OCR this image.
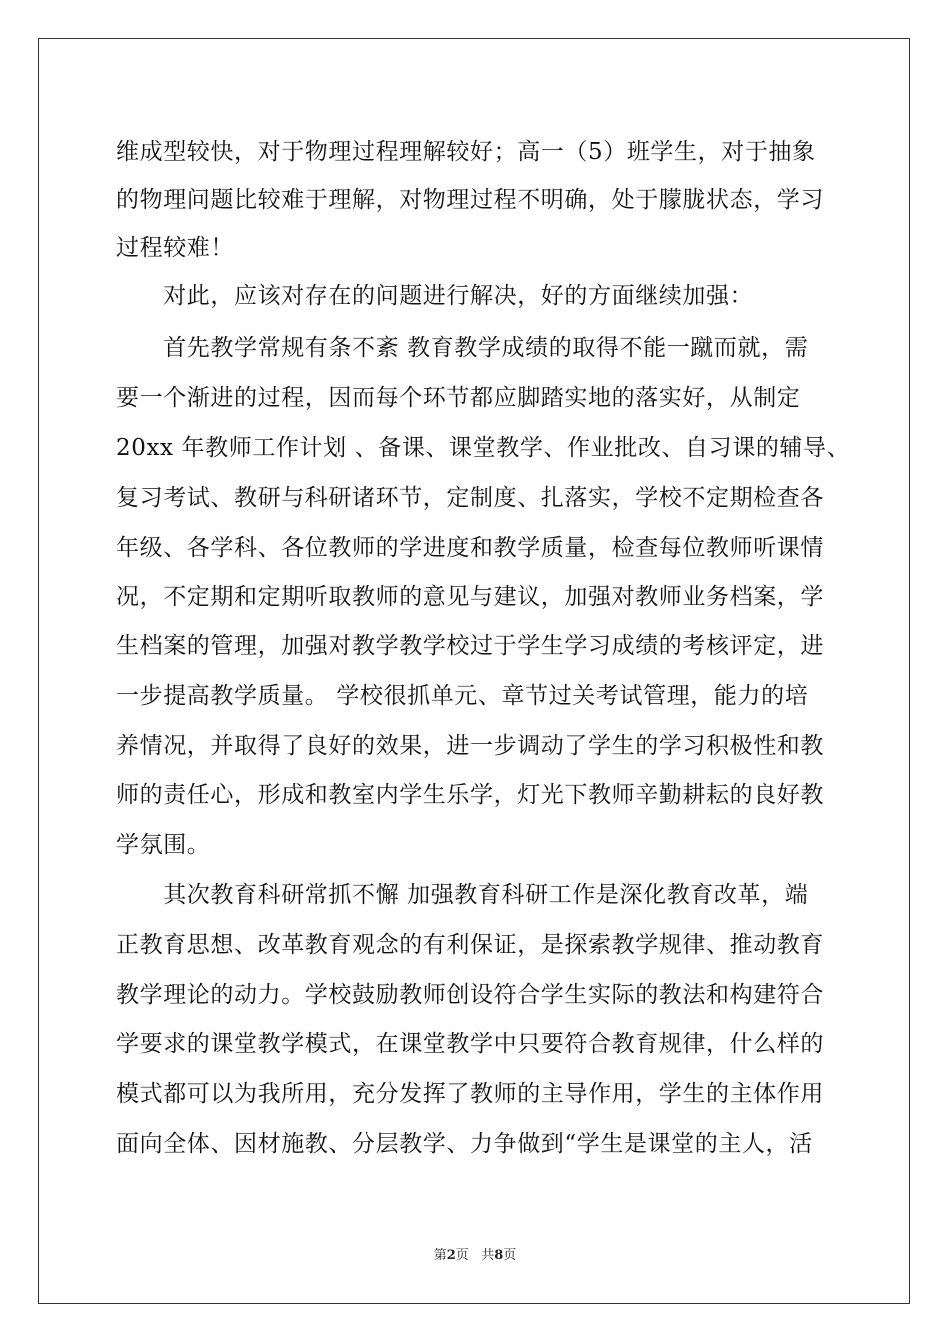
维成型较快，对于物理过程理解较好；高一（5）班学生，对于抽象
的物理问题比较难于理解，对物理过程不明确，处于朦胧状态，学习
过程较难！
　　对此，应该对存在的问题进行解决，好的方面继续加强：
　　首先教学常规有条不紊 教育教学成绩的取得不能一蹴而就，需
要一个渐进的过程，因而每个环节都应脚踏实地的落实好，从制定
20xx 年教师工作计划 、备课、课堂教学、作业批改、自习课的辅导、
复习考试、教研与科研诸环节，定制度、扎落实，学校不定期检查各
年级、各学科、各位教师的学进度和教学质量，检查每位教师听课情
况，不定期和定期听取教师的意见与建议，加强对教师业务档案，学
生档案的管理，加强对教学教学校过于学生学习成绩的考核评定，进
一步提高教学质量。 学校很抓单元、章节过关考试管理，能力的培
养情况，并取得了良好的效果，进一步调动了学生的学习积极性和教
师的责任心，形成和教室内学生乐学，灯光下教师辛勤耕耘的良好教
学氛围。
　　其次教育科研常抓不懈 加强教育科研工作是深化教育改革，端
正教育思想、改革教育观念的有利保证，是探索教学规律、推动教育
教学理论的动力。学校鼓励教师创设符合学生实际的教法和构建符合
学要求的课堂教学模式，在课堂教学中只要符合教育规律，什么样的
模式都可以为我所用，充分发挥了教师的主导作用，学生的主体作用
面向全体、因材施教、分层教学、力争做到“学生是课堂的主人，活
第2页 共8页
